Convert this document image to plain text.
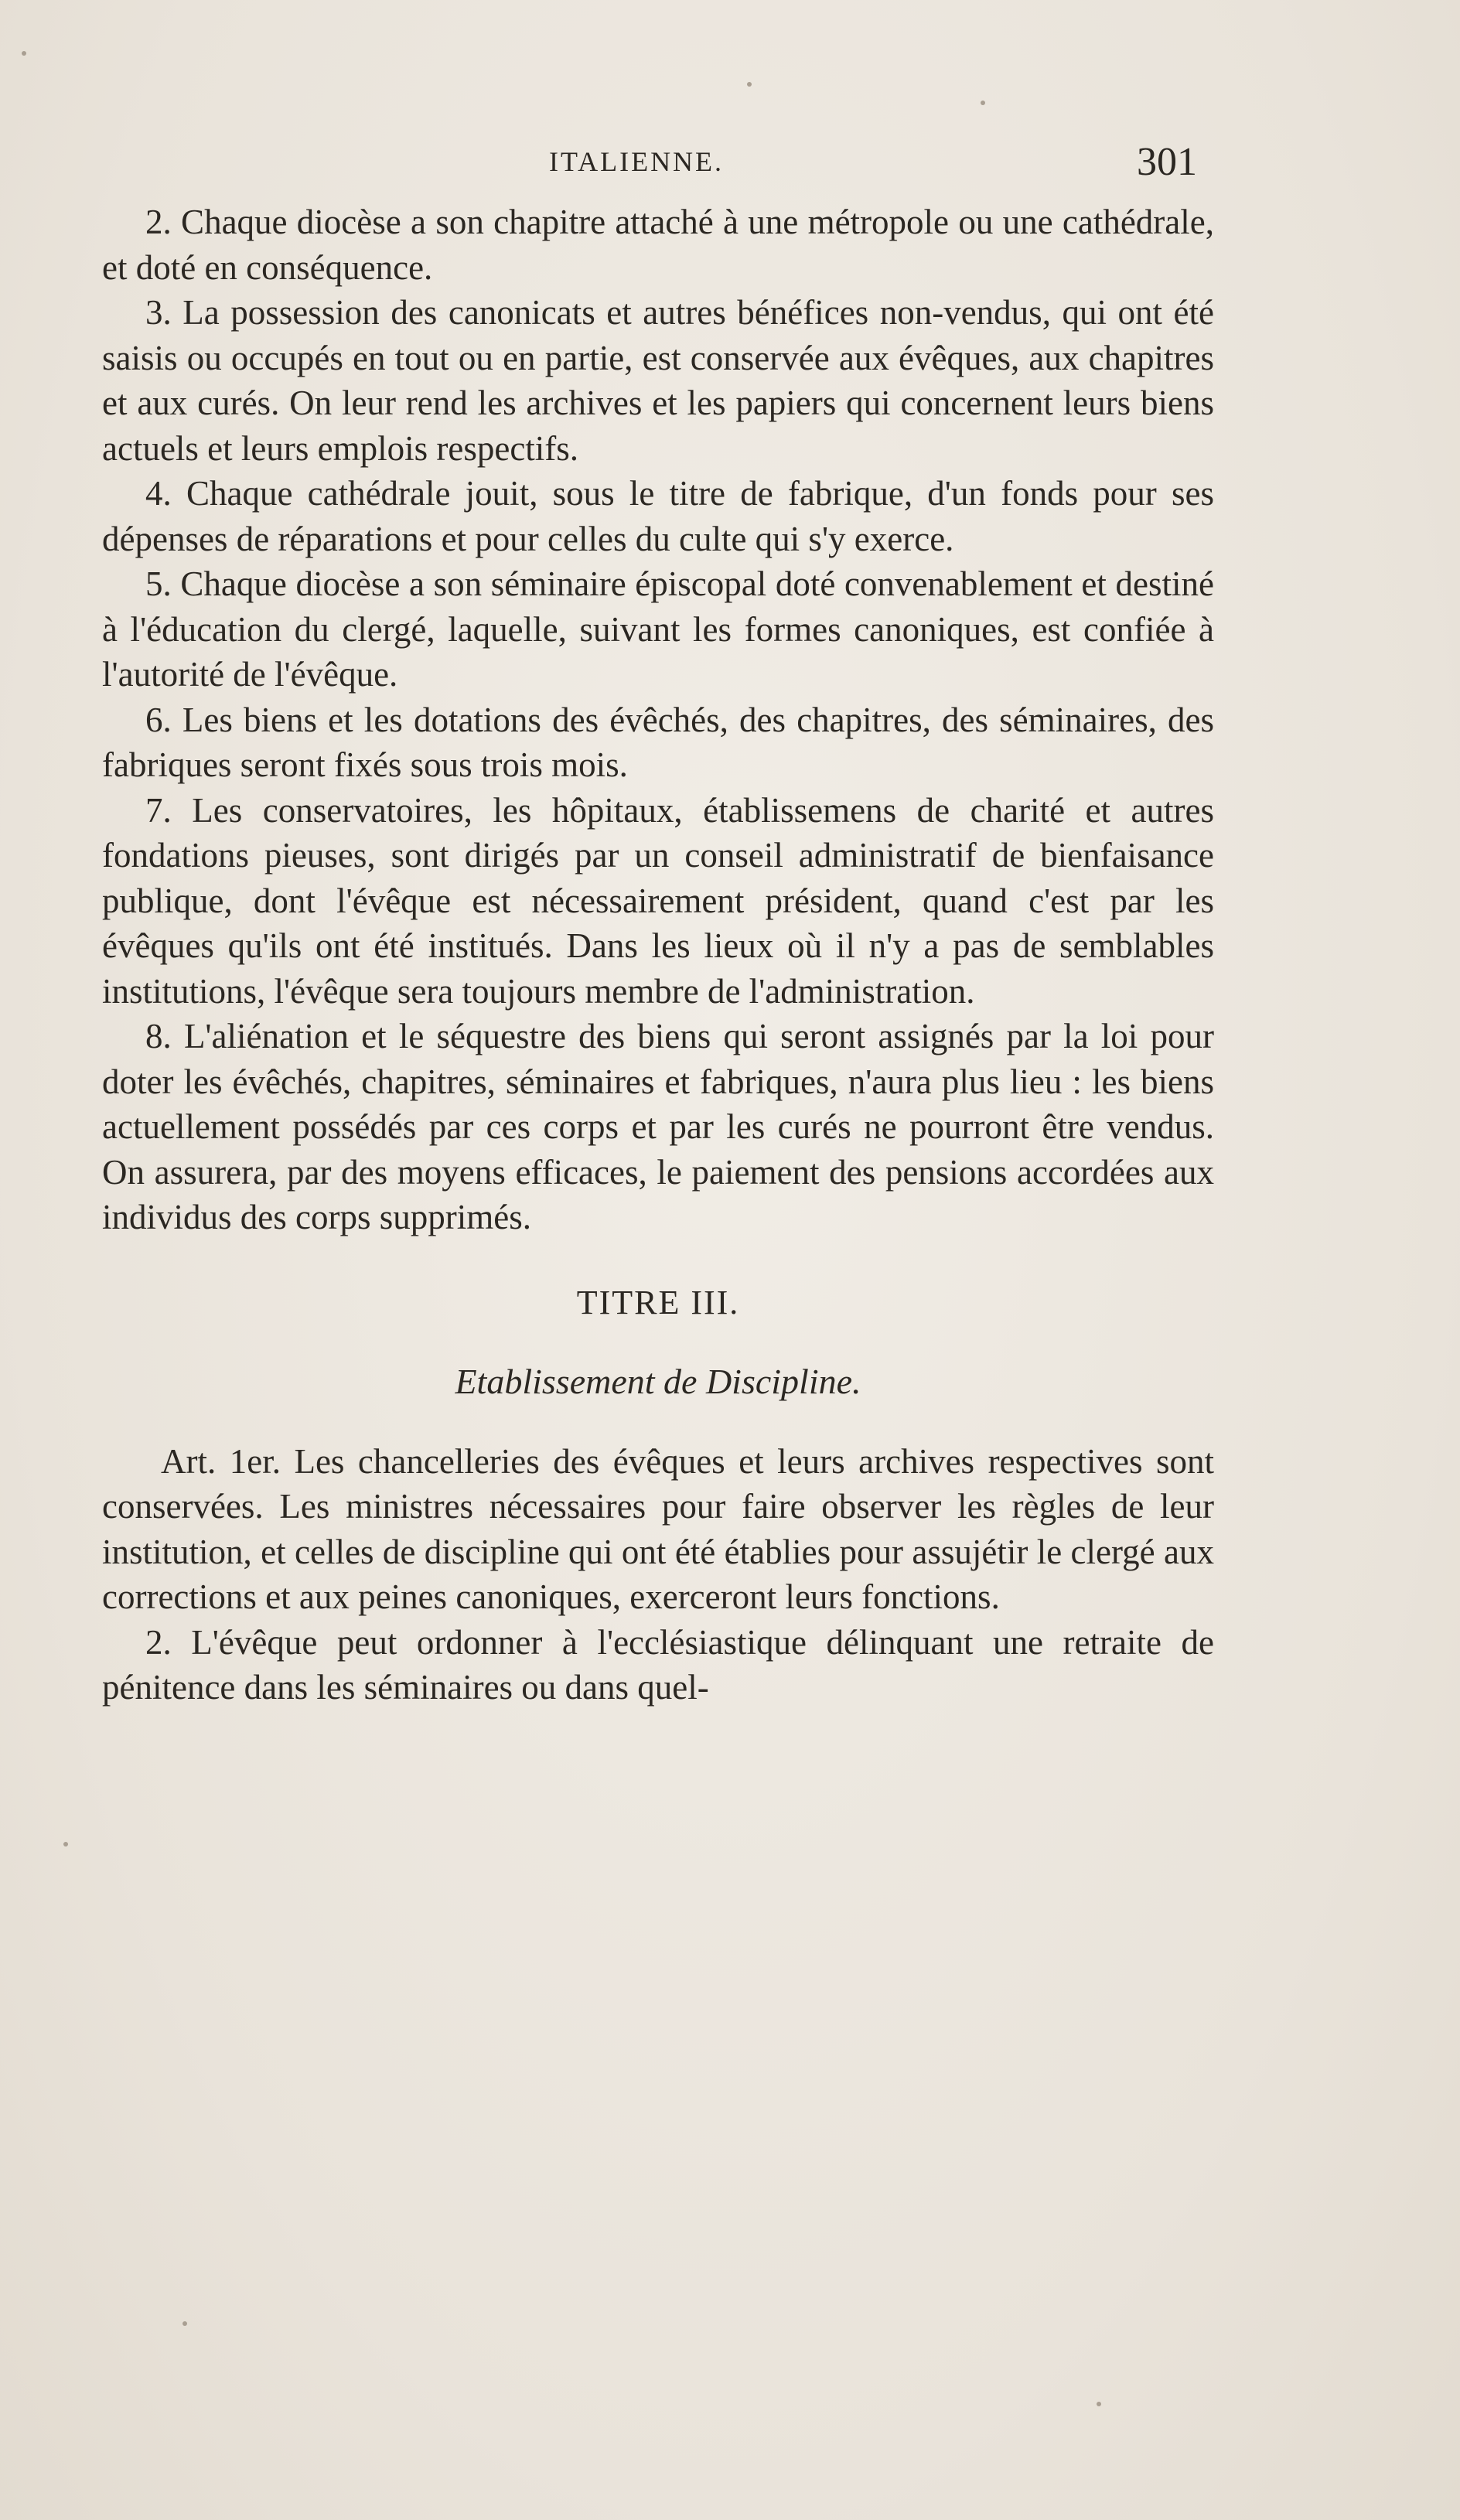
ITALIENNE.	301

2. Chaque diocèse a son chapitre attaché à une métropole ou une cathédrale, et doté en conséquence.

3. La possession des canonicats et autres bénéfices non-vendus, qui ont été saisis ou occupés en tout ou en partie, est conservée aux évêques, aux chapitres et aux curés. On leur rend les archives et les papiers qui concernent leurs biens actuels et leurs emplois respectifs.

4. Chaque cathédrale jouit, sous le titre de fabrique, d'un fonds pour ses dépenses de réparations et pour celles du culte qui s'y exerce.

5. Chaque diocèse a son séminaire épiscopal doté convenablement et destiné à l'éducation du clergé, laquelle, suivant les formes canoniques, est confiée à l'autorité de l'évêque.

6. Les biens et les dotations des évêchés, des chapitres, des séminaires, des fabriques seront fixés sous trois mois.

7. Les conservatoires, les hôpitaux, établissemens de charité et autres fondations pieuses, sont dirigés par un conseil administratif de bienfaisance publique, dont l'évêque est nécessairement président, quand c'est par les évêques qu'ils ont été institués. Dans les lieux où il n'y a pas de semblables institutions, l'évêque sera toujours membre de l'administration.

8. L'aliénation et le séquestre des biens qui seront assignés par la loi pour doter les évêchés, chapitres, séminaires et fabriques, n'aura plus lieu : les biens actuellement possédés par ces corps et par les curés ne pourront être vendus. On assurera, par des moyens efficaces, le paiement des pensions accordées aux individus des corps supprimés.

TITRE III.

Etablissement de Discipline.

Art. 1er. Les chancelleries des évêques et leurs archives respectives sont conservées. Les ministres nécessaires pour faire observer les règles de leur institution, et celles de discipline qui ont été établies pour assujétir le clergé aux corrections et aux peines canoniques, exerceront leurs fonctions.

2. L'évêque peut ordonner à l'ecclésiastique délinquant une retraite de pénitence dans les séminaires ou dans quel-
